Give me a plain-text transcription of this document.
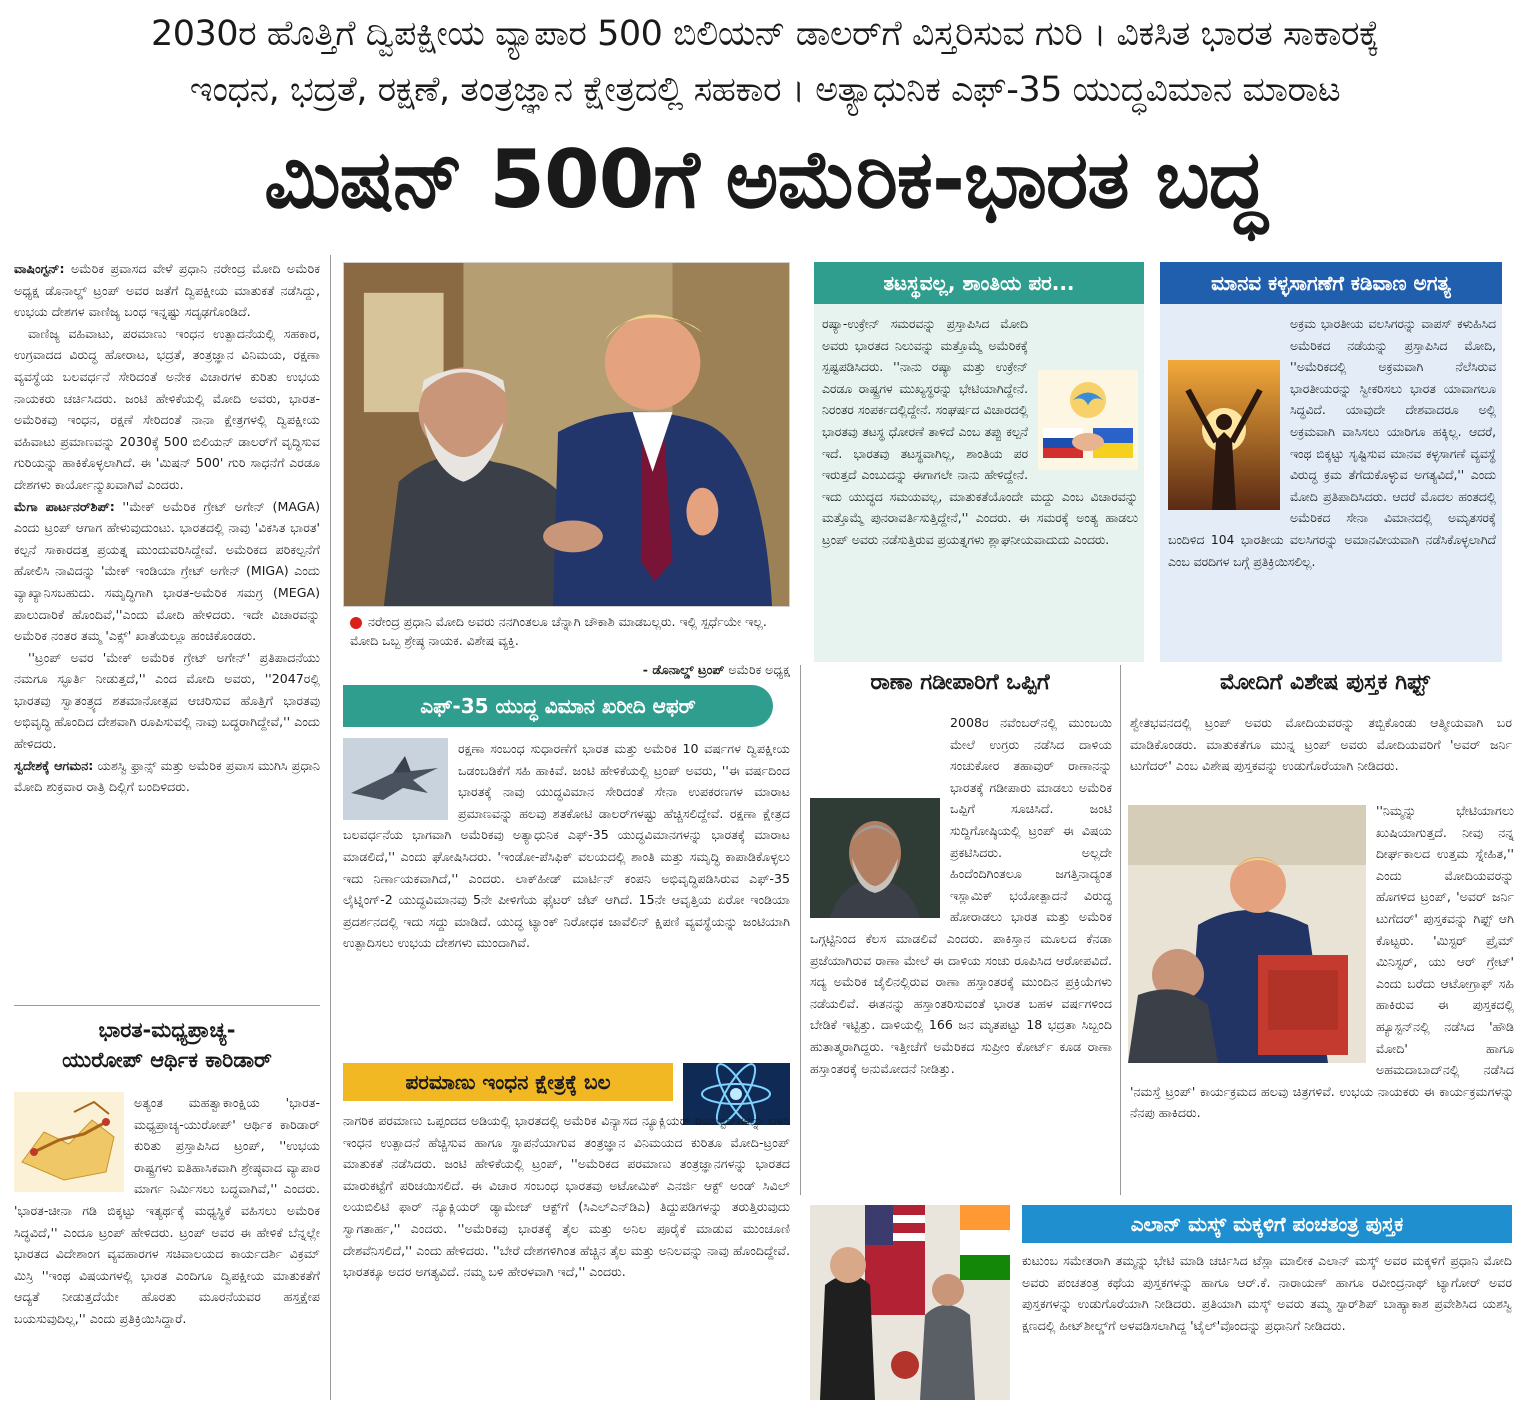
2030ರ ಹೊತ್ತಿಗೆ ದ್ವಿಪಕ್ಷೀಯ ವ್ಯಾಪಾರ 500 ಬಿಲಿಯನ್ ಡಾಲರ್‌ಗೆ ವಿಸ್ತರಿಸುವ ಗುರಿ । ವಿಕಸಿತ ಭಾರತ ಸಾಕಾರಕ್ಕೆ
ಇಂಧನ, ಭದ್ರತೆ, ರಕ್ಷಣೆ, ತಂತ್ರಜ್ಞಾನ ಕ್ಷೇತ್ರದಲ್ಲಿ ಸಹಕಾರ । ಅತ್ಯಾಧುನಿಕ ಎಫ್-35 ಯುದ್ಧವಿಮಾನ ಮಾರಾಟ
ಮಿಷನ್ 500ಗೆ ಅಮೆರಿಕ-ಭಾರತ ಬದ್ಧ

ವಾಷಿಂಗ್ಟನ್: ಅಮೆರಿಕ ಪ್ರವಾಸದ ವೇಳೆ ಪ್ರಧಾನಿ ನರೇಂದ್ರ ಮೋದಿ ಅಮೆರಿಕ ಅಧ್ಯಕ್ಷ ಡೊನಾಲ್ಡ್ ಟ್ರಂಪ್ ಅವರ ಜತೆಗೆ ದ್ವಿಪಕ್ಷೀಯ ಮಾತುಕತೆ ನಡೆಸಿದ್ದು, ಉಭಯ ದೇಶಗಳ ವಾಣಿಜ್ಯ ಬಂಧ ಇನ್ನಷ್ಟು ಸದೃಢಗೊಂಡಿದೆ.

ವಾಣಿಜ್ಯ ವಹಿವಾಟು, ಪರಮಾಣು ಇಂಧನ ಉತ್ಪಾದನೆಯಲ್ಲಿ ಸಹಕಾರ, ಉಗ್ರವಾದದ ವಿರುದ್ಧ ಹೋರಾಟ, ಭದ್ರತೆ, ತಂತ್ರಜ್ಞಾನ ವಿನಿಮಯ, ರಕ್ಷಣಾ ವ್ಯವಸ್ಥೆಯ ಬಲವರ್ಧನೆ ಸೇರಿದಂತೆ ಅನೇಕ ವಿಚಾರಗಳ ಕುರಿತು ಉಭಯ ನಾಯಕರು ಚರ್ಚಿಸಿದರು. ಜಂಟಿ ಹೇಳಿಕೆಯಲ್ಲಿ ಮೋದಿ ಅವರು, ಭಾರತ-ಅಮೆರಿಕವು ಇಂಧನ, ರಕ್ಷಣೆ ಸೇರಿದಂತೆ ನಾನಾ ಕ್ಷೇತ್ರಗಳಲ್ಲಿ ದ್ವಿಪಕ್ಷೀಯ ವಹಿವಾಟು ಪ್ರಮಾಣವನ್ನು 2030ಕ್ಕೆ 500 ಬಿಲಿಯನ್ ಡಾಲರ್‌ಗೆ ವೃದ್ಧಿಸುವ ಗುರಿಯನ್ನು ಹಾಕಿಕೊಳ್ಳಲಾಗಿದೆ. ಈ 'ಮಿಷನ್ 500' ಗುರಿ ಸಾಧನೆಗೆ ಎರಡೂ ದೇಶಗಳು ಕಾರ್ಯೋನ್ಮುಖವಾಗಿವೆ ಎಂದರು.

ಮೆಗಾ ಪಾರ್ಟನರ್‌ಶಿಪ್: ''ಮೇಕ್ ಅಮೆರಿಕ ಗ್ರೇಟ್ ಅಗೇನ್ (MAGA) ಎಂದು ಟ್ರಂಪ್ ಆಗಾಗ ಹೇಳುವುದುಂಟು. ಭಾರತದಲ್ಲಿ ನಾವು 'ವಿಕಸಿತ ಭಾರತ' ಕಲ್ಪನೆ ಸಾಕಾರದತ್ತ ಪ್ರಯತ್ನ ಮುಂದುವರಿಸಿದ್ದೇವೆ. ಅಮೆರಿಕದ ಪರಿಕಲ್ಪನೆಗೆ ಹೋಲಿಸಿ ನಾವಿದನ್ನು 'ಮೇಕ್ ಇಂಡಿಯಾ ಗ್ರೇಟ್ ಅಗೇನ್ (MIGA) ಎಂದು ವ್ಯಾಖ್ಯಾನಿಸಬಹುದು. ಸಮೃದ್ಧಿಗಾಗಿ ಭಾರತ-ಅಮೆರಿಕ ಸಮಗ್ರ (MEGA) ಪಾಲುದಾರಿಕೆ ಹೊಂದಿವೆ,''ಎಂದು ಮೋದಿ ಹೇಳಿದರು. ಇದೇ ವಿಚಾರವನ್ನು ಅಮೆರಿಕ ನಂತರ ತಮ್ಮ 'ಎಕ್ಸ್' ಖಾತೆಯಲ್ಲೂ ಹಂಚಿಕೊಂಡರು.

''ಟ್ರಂಪ್ ಅವರ 'ಮೇಕ್ ಅಮೆರಿಕ ಗ್ರೇಟ್ ಅಗೇನ್' ಪ್ರತಿಪಾದನೆಯು ನಮಗೂ ಸ್ಫೂರ್ತಿ ನೀಡುತ್ತದೆ,'' ಎಂದ ಮೋದಿ ಅವರು, ''2047ರಲ್ಲಿ ಭಾರತವು ಸ್ವಾತಂತ್ರ್ಯದ ಶತಮಾನೋತ್ಸವ ಆಚರಿಸುವ ಹೊತ್ತಿಗೆ ಭಾರತವು ಅಭಿವೃದ್ಧಿ ಹೊಂದಿದ ದೇಶವಾಗಿ ರೂಪಿಸುವಲ್ಲಿ ನಾವು ಬದ್ಧರಾಗಿದ್ದೇವೆ,'' ಎಂದು ಹೇಳಿದರು.

ಸ್ವದೇಶಕ್ಕೆ ಆಗಮನ: ಯಶಸ್ವಿ ಫ್ರಾನ್ಸ್ ಮತ್ತು ಅಮೆರಿಕ ಪ್ರವಾಸ ಮುಗಿಸಿ ಪ್ರಧಾನಿ ಮೋದಿ ಶುಕ್ರವಾರ ರಾತ್ರಿ ದಿಲ್ಲಿಗೆ ಬಂದಿಳಿದರು.

ಭಾರತ-ಮಧ್ಯಪ್ರಾಚ್ಯ-
ಯುರೋಪ್ ಆರ್ಥಿಕ ಕಾರಿಡಾರ್

ಅತ್ಯಂತ ಮಹತ್ವಾಕಾಂಕ್ಷಿಯ 'ಭಾರತ-ಮಧ್ಯಪ್ರಾಚ್ಯ-ಯುರೋಪ್' ಆರ್ಥಿಕ ಕಾರಿಡಾರ್ ಕುರಿತು ಪ್ರಸ್ತಾಪಿಸಿದ ಟ್ರಂಪ್, ''ಉಭಯ ರಾಷ್ಟ್ರಗಳು ಐತಿಹಾಸಿಕವಾಗಿ ಶ್ರೇಷ್ಠವಾದ ವ್ಯಾಪಾರ ಮಾರ್ಗ ನಿರ್ಮಿಸಲು ಬದ್ಧವಾಗಿವೆ,'' ಎಂದರು. 'ಭಾರತ-ಚೀನಾ ಗಡಿ ಬಿಕ್ಕಟ್ಟು ಇತ್ಯರ್ಥಕ್ಕೆ ಮಧ್ಯಸ್ಥಿಕೆ ವಹಿಸಲು ಅಮೆರಿಕ ಸಿದ್ಧವಿದೆ,'' ಎಂದೂ ಟ್ರಂಪ್ ಹೇಳಿದರು. ಟ್ರಂಪ್ ಅವರ ಈ ಹೇಳಿಕೆ ಬೆನ್ನಲ್ಲೇ ಭಾರತದ ವಿದೇಶಾಂಗ ವ್ಯವಹಾರಗಳ ಸಚಿವಾಲಯದ ಕಾರ್ಯದರ್ಶಿ ವಿಕ್ರಮ್ ಮಿಸ್ರಿ ''ಇಂಥ ವಿಷಯಗಳಲ್ಲಿ ಭಾರತ ಎಂದಿಗೂ ದ್ವಿಪಕ್ಷೀಯ ಮಾತುಕತೆಗೆ ಆದ್ಯತೆ ನೀಡುತ್ತದೆಯೇ ಹೊರತು ಮೂರನೆಯವರ ಹಸ್ತಕ್ಷೇಪ ಬಯಸುವುದಿಲ್ಲ,'' ಎಂದು ಪ್ರತಿಕ್ರಿಯಿಸಿದ್ದಾರೆ.

ನರೇಂದ್ರ ಪ್ರಧಾನಿ ಮೋದಿ ಅವರು ನನಗಿಂತಲೂ ಚೆನ್ನಾಗಿ ಚೌಕಾಶಿ ಮಾಡಬಲ್ಲರು. ಇಲ್ಲಿ ಸ್ಪರ್ಧೆಯೇ ಇಲ್ಲ. ಮೋದಿ ಒಬ್ಬ ಶ್ರೇಷ್ಠ ನಾಯಕ. ವಿಶೇಷ ವ್ಯಕ್ತಿ.
- ಡೊನಾಲ್ಡ್ ಟ್ರಂಪ್ ಅಮೆರಿಕ ಅಧ್ಯಕ್ಷ
ಎಫ್-35 ಯುದ್ಧ ವಿಮಾನ ಖರೀದಿ ಆಫರ್

ರಕ್ಷಣಾ ಸಂಬಂಧ ಸುಧಾರಣೆಗೆ ಭಾರತ ಮತ್ತು ಅಮೆರಿಕ 10 ವರ್ಷಗಳ ದ್ವಿಪಕ್ಷೀಯ ಒಡಂಬಡಿಕೆಗೆ ಸಹಿ ಹಾಕಿವೆ. ಜಂಟಿ ಹೇಳಿಕೆಯಲ್ಲಿ ಟ್ರಂಪ್ ಅವರು, ''ಈ ವರ್ಷದಿಂದ ಭಾರತಕ್ಕೆ ನಾವು ಯುದ್ಧವಿಮಾನ ಸೇರಿದಂತೆ ಸೇನಾ ಉಪಕರಣಗಳ ಮಾರಾಟ ಪ್ರಮಾಣವನ್ನು ಹಲವು ಶತಕೋಟಿ ಡಾಲರ್‌ಗಳಷ್ಟು ಹೆಚ್ಚಿಸಲಿದ್ದೇವೆ. ರಕ್ಷಣಾ ಕ್ಷೇತ್ರದ ಬಲವರ್ಧನೆಯ ಭಾಗವಾಗಿ ಅಮೆರಿಕವು ಅತ್ಯಾಧುನಿಕ ಎಫ್-35 ಯುದ್ಧವಿಮಾನಗಳನ್ನು ಭಾರತಕ್ಕೆ ಮಾರಾಟ ಮಾಡಲಿದೆ,'' ಎಂದು ಘೋಷಿಸಿದರು. 'ಇಂಡೋ-ಪೆಸಿಫಿಕ್ ವಲಯದಲ್ಲಿ ಶಾಂತಿ ಮತ್ತು ಸಮೃದ್ಧಿ ಕಾಪಾಡಿಕೊಳ್ಳಲು ಇದು ನಿರ್ಣಾಯಕವಾಗಿದೆ,'' ಎಂದರು. ಲಾಕ್‌ಹೀಡ್ ಮಾರ್ಟಿನ್ ಕಂಪನಿ ಅಭಿವೃದ್ಧಿಪಡಿಸಿರುವ ಎಫ್-35 ಲೈಟ್ನಿಂಗ್-2 ಯುದ್ಧವಿಮಾನವು 5ನೇ ಪೀಳಿಗೆಯ ಫೈಟರ್ ಜೆಟ್ ಆಗಿದೆ. 15ನೇ ಆವೃತ್ತಿಯ ಏರೋ ಇಂಡಿಯಾ ಪ್ರದರ್ಶನದಲ್ಲಿ ಇದು ಸದ್ದು ಮಾಡಿದೆ. ಯುದ್ಧ ಟ್ಯಾಂಕ್ ನಿರೋಧಕ ಜಾವೆಲಿನ್ ಕ್ಷಿಪಣಿ ವ್ಯವಸ್ಥೆಯನ್ನು ಜಂಟಿಯಾಗಿ ಉತ್ಪಾದಿಸಲು ಉಭಯ ದೇಶಗಳು ಮುಂದಾಗಿವೆ.

ಪರಮಾಣು ಇಂಧನ ಕ್ಷೇತ್ರಕ್ಕೆ ಬಲ

ನಾಗರಿಕ ಪರಮಾಣು ಒಪ್ಪಂದದ ಅಡಿಯಲ್ಲಿ ಭಾರತದಲ್ಲಿ ಅಮೆರಿಕ ವಿನ್ಯಾಸದ ನ್ಯೂಕ್ಲಿಯರ್ ರಿಯಾಕ್ಟರ್‌ಗಳನ್ನು ಬಳಸಿ ಇಂಧನ ಉತ್ಪಾದನೆ ಹೆಚ್ಚಿಸುವ ಹಾಗೂ ಸ್ಥಾಪನೆಯಾಗುವ ತಂತ್ರಜ್ಞಾನ ವಿನಿಮಯದ ಕುರಿತೂ ಮೋದಿ-ಟ್ರಂಪ್ ಮಾತುಕತೆ ನಡೆಸಿದರು. ಜಂಟಿ ಹೇಳಿಕೆಯಲ್ಲಿ ಟ್ರಂಪ್, ''ಅಮೆರಿಕದ ಪರಮಾಣು ತಂತ್ರಜ್ಞಾನಗಳನ್ನು ಭಾರತದ ಮಾರುಕಟ್ಟೆಗೆ ಪರಿಚಯಿಸಲಿದೆ. ಈ ವಿಚಾರ ಸಂಬಂಧ ಭಾರತವು ಅಟೋಮಿಕ್ ಎನರ್ಜಿ ಆಕ್ಟ್ ಅಂಡ್ ಸಿವಿಲ್ ಲಯಬಿಲಿಟಿ ಫಾರ್ ನ್ಯೂಕ್ಲಿಯರ್ ಡ್ಯಾಮೇಜ್ ಆಕ್ಟ್‌ಗೆ (ಸಿಎಲ್‌ಎನ್‌ಡಿಎ) ತಿದ್ದುಪಡಿಗಳನ್ನು ತರುತ್ತಿರುವುದು ಸ್ವಾಗತಾರ್ಹ,'' ಎಂದರು. ''ಅಮೆರಿಕವು ಭಾರತಕ್ಕೆ ತೈಲ ಮತ್ತು ಅನಿಲ ಪೂರೈಕೆ ಮಾಡುವ ಮುಂಚೂಣಿ ದೇಶವೆನಿಸಲಿದೆ,'' ಎಂದು ಹೇಳಿದರು. ''ಬೇರೆ ದೇಶಗಳಿಗಿಂತ ಹೆಚ್ಚಿನ ತೈಲ ಮತ್ತು ಅನಿಲವನ್ನು ನಾವು ಹೊಂದಿದ್ದೇವೆ. ಭಾರತಕ್ಕೂ ಅದರ ಅಗತ್ಯವಿದೆ. ನಮ್ಮ ಬಳಿ ಹೇರಳವಾಗಿ ಇದೆ,'' ಎಂದರು.

ತಟಸ್ಥವಲ್ಲ, ಶಾಂತಿಯ ಪರ...

ರಷ್ಯಾ-ಉಕ್ರೇನ್ ಸಮರವನ್ನು ಪ್ರಸ್ತಾಪಿಸಿದ ಮೋದಿ ಅವರು ಭಾರತದ ನಿಲುವನ್ನು ಮತ್ತೊಮ್ಮೆ ಅಮೆರಿಕಕ್ಕೆ ಸ್ಪಷ್ಟಪಡಿಸಿದರು. ''ನಾನು ರಷ್ಯಾ ಮತ್ತು ಉಕ್ರೇನ್ ಎರಡೂ ರಾಷ್ಟ್ರಗಳ ಮುಖ್ಯಸ್ಥರನ್ನು ಭೇಟಿಯಾಗಿದ್ದೇನೆ. ನಿರಂತರ ಸಂಪರ್ಕದಲ್ಲಿದ್ದೇನೆ. ಸಂಘರ್ಷದ ವಿಚಾರದಲ್ಲಿ ಭಾರತವು ತಟಸ್ಥ ಧೋರಣೆ ತಾಳಿದೆ ಎಂಬ ತಪ್ಪು ಕಲ್ಪನೆ ಇದೆ. ಭಾರತವು ತಟಸ್ಥವಾಗಿಲ್ಲ, ಶಾಂತಿಯ ಪರ ಇರುತ್ತದೆ ಎಂಬುದನ್ನು ಈಗಾಗಲೇ ನಾನು ಹೇಳಿದ್ದೇನೆ. ಇದು ಯುದ್ಧದ ಸಮಯವಲ್ಲ, ಮಾತುಕತೆಯೊಂದೇ ಮದ್ದು ಎಂಬ ವಿಚಾರವನ್ನು ಮತ್ತೊಮ್ಮೆ ಪುನರಾವರ್ತಿಸುತ್ತಿದ್ದೇನೆ,'' ಎಂದರು. ಈ ಸಮರಕ್ಕೆ ಅಂತ್ಯ ಹಾಡಲು ಟ್ರಂಪ್ ಅವರು ನಡೆಸುತ್ತಿರುವ ಪ್ರಯತ್ನಗಳು ಶ್ಲಾಘನೀಯವಾದುದು ಎಂದರು.

ಮಾನವ ಕಳ್ಳಸಾಗಣೆಗೆ ಕಡಿವಾಣ ಅಗತ್ಯ

ಅಕ್ರಮ ಭಾರತೀಯ ವಲಸಿಗರನ್ನು ವಾಪಸ್ ಕಳುಹಿಸಿದ ಅಮೆರಿಕದ ನಡೆಯನ್ನು ಪ್ರಸ್ತಾಪಿಸಿದ ಮೋದಿ, ''ಅಮೆರಿಕದಲ್ಲಿ ಅಕ್ರಮವಾಗಿ ನೆಲೆಸಿರುವ ಭಾರತೀಯರನ್ನು ಸ್ವೀಕರಿಸಲು ಭಾರತ ಯಾವಾಗಲೂ ಸಿದ್ಧವಿದೆ. ಯಾವುದೇ ದೇಶವಾದರೂ ಅಲ್ಲಿ ಅಕ್ರಮವಾಗಿ ವಾಸಿಸಲು ಯಾರಿಗೂ ಹಕ್ಕಿಲ್ಲ. ಆದರೆ, ಇಂಥ ಬಿಕ್ಕಟ್ಟು ಸೃಷ್ಟಿಸುವ ಮಾನವ ಕಳ್ಳಸಾಗಣೆ ವ್ಯವಸ್ಥೆ ವಿರುದ್ಧ ಕ್ರಮ ತೆಗೆದುಕೊಳ್ಳುವ ಅಗತ್ಯವಿದೆ,'' ಎಂದು ಮೋದಿ ಪ್ರತಿಪಾದಿಸಿದರು. ಆದರೆ ಮೊದಲ ಹಂತದಲ್ಲಿ ಅಮೆರಿಕದ ಸೇನಾ ವಿಮಾನದಲ್ಲಿ ಅಮೃತಸರಕ್ಕೆ ಬಂದಿಳಿದ 104 ಭಾರತೀಯ ವಲಸಿಗರನ್ನು ಅಮಾನವೀಯವಾಗಿ ನಡೆಸಿಕೊಳ್ಳಲಾಗಿದೆ ಎಂಬ ವರದಿಗಳ ಬಗ್ಗೆ ಪ್ರತಿಕ್ರಿಯಿಸಲಿಲ್ಲ.

ರಾಣಾ ಗಡೀಪಾರಿಗೆ ಒಪ್ಪಿಗೆ

2008ರ ನವೆಂಬರ್‌ನಲ್ಲಿ ಮುಂಬಯಿ ಮೇಲೆ ಉಗ್ರರು ನಡೆಸಿದ ದಾಳಿಯ ಸಂಚುಕೋರ ತಹಾವುರ್ ರಾಣಾನನ್ನು ಭಾರತಕ್ಕೆ ಗಡೀಪಾರು ಮಾಡಲು ಅಮೆರಿಕ ಒಪ್ಪಿಗೆ ಸೂಚಿಸಿದೆ. ಜಂಟಿ ಸುದ್ದಿಗೋಷ್ಠಿಯಲ್ಲಿ ಟ್ರಂಪ್ ಈ ವಿಷಯ ಪ್ರಕಟಿಸಿದರು. ಅಲ್ಲದೇ ಹಿಂದೆಂದಿಗಿಂತಲೂ ಜಗತ್ತಿನಾದ್ಯಂತ ಇಸ್ಲಾಮಿಕ್ ಭಯೋತ್ಪಾದನೆ ವಿರುದ್ಧ ಹೋರಾಡಲು ಭಾರತ ಮತ್ತು ಅಮೆರಿಕ ಒಗ್ಗಟ್ಟಿನಿಂದ ಕೆಲಸ ಮಾಡಲಿವೆ ಎಂದರು. ಪಾಕಿಸ್ತಾನ ಮೂಲದ ಕೆನಡಾ ಪ್ರಜೆಯಾಗಿರುವ ರಾಣಾ ಮೇಲೆ ಈ ದಾಳಿಯ ಸಂಚು ರೂಪಿಸಿದ ಆರೋಪವಿದೆ. ಸದ್ಯ ಅಮೆರಿಕ ಜೈಲಿನಲ್ಲಿರುವ ರಾಣಾ ಹಸ್ತಾಂತರಕ್ಕೆ ಮುಂದಿನ ಪ್ರಕ್ರಿಯೆಗಳು ನಡೆಯಲಿವೆ. ಈತನನ್ನು ಹಸ್ತಾಂತರಿಸುವಂತೆ ಭಾರತ ಬಹಳ ವರ್ಷಗಳಿಂದ ಬೇಡಿಕೆ ಇಟ್ಟಿತ್ತು. ದಾಳಿಯಲ್ಲಿ 166 ಜನ ಮೃತಪಟ್ಟು 18 ಭದ್ರತಾ ಸಿಬ್ಬಂದಿ ಹುತಾತ್ಮರಾಗಿದ್ದರು. ಇತ್ತೀಚೆಗೆ ಅಮೆರಿಕದ ಸುಪ್ರೀಂ ಕೋರ್ಟ್ ಕೂಡ ರಾಣಾ ಹಸ್ತಾಂತರಕ್ಕೆ ಅನುಮೋದನೆ ನೀಡಿತ್ತು.

ಮೋದಿಗೆ ವಿಶೇಷ ಪುಸ್ತಕ ಗಿಫ್ಟ್

ಶ್ವೇತಭವನದಲ್ಲಿ ಟ್ರಂಪ್ ಅವರು ಮೋದಿಯವರನ್ನು ತಬ್ಬಿಕೊಂಡು ಆತ್ಮೀಯವಾಗಿ ಬರ ಮಾಡಿಕೊಂಡರು. ಮಾತುಕತೆಗೂ ಮುನ್ನ ಟ್ರಂಪ್ ಅವರು ಮೋದಿಯವರಿಗೆ 'ಅವರ್ ಜರ್ನಿ ಟುಗೆದರ್' ಎಂಬ ವಿಶೇಷ ಪುಸ್ತಕವನ್ನು ಉಡುಗೊರೆಯಾಗಿ ನೀಡಿದರು.

''ನಿಮ್ಮನ್ನು ಭೇಟಿಯಾಗಲು ಖುಷಿಯಾಗುತ್ತದೆ. ನೀವು ನನ್ನ ದೀರ್ಘಕಾಲದ ಉತ್ತಮ ಸ್ನೇಹಿತ,'' ಎಂದು ಮೋದಿಯವರನ್ನು ಹೊಗಳಿದ ಟ್ರಂಪ್, 'ಅವರ್ ಜರ್ನಿ ಟುಗೆದರ್' ಪುಸ್ತಕವನ್ನು ಗಿಫ್ಟ್ ಆಗಿ ಕೊಟ್ಟರು. 'ಮಿಸ್ಟರ್ ಪ್ರೈಮ್ ಮಿನಿಸ್ಟರ್, ಯು ಆರ್ ಗ್ರೇಟ್' ಎಂದು ಬರೆದು ಆಟೋಗ್ರಾಫ್ ಸಹಿ ಹಾಕಿರುವ ಈ ಪುಸ್ತಕದಲ್ಲಿ ಹ್ಯೂಸ್ಟನ್‌ನಲ್ಲಿ ನಡೆಸಿದ 'ಹೌಡಿ ಮೋದಿ' ಹಾಗೂ ಅಹಮದಾಬಾದ್‌ನಲ್ಲಿ ನಡೆಸಿದ 'ನಮಸ್ತೆ ಟ್ರಂಪ್' ಕಾರ್ಯಕ್ರಮದ ಹಲವು ಚಿತ್ರಗಳಿವೆ. ಉಭಯ ನಾಯಕರು ಈ ಕಾರ್ಯಕ್ರಮಗಳನ್ನು ನೆನಪು ಹಾಕಿದರು.

ಎಲಾನ್ ಮಸ್ಕ್ ಮಕ್ಕಳಿಗೆ ಪಂಚತಂತ್ರ ಪುಸ್ತಕ

ಕುಟುಂಬ ಸಮೇತರಾಗಿ ತಮ್ಮನ್ನು ಭೇಟಿ ಮಾಡಿ ಚರ್ಚಿಸಿದ ಟೆಸ್ಲಾ ಮಾಲೀಕ ಎಲಾನ್ ಮಸ್ಕ್ ಅವರ ಮಕ್ಕಳಿಗೆ ಪ್ರಧಾನಿ ಮೋದಿ ಅವರು ಪಂಚತಂತ್ರ ಕಥೆಯ ಪುಸ್ತಕಗಳನ್ನು ಹಾಗೂ ಆರ್.ಕೆ. ನಾರಾಯಣ್ ಹಾಗೂ ರವೀಂದ್ರನಾಥ್ ಟ್ಯಾಗೋರ್ ಅವರ ಪುಸ್ತಕಗಳನ್ನು ಉಡುಗೊರೆಯಾಗಿ ನೀಡಿದರು. ಪ್ರತಿಯಾಗಿ ಮಸ್ಕ್ ಅವರು ತಮ್ಮ ಸ್ಟಾರ್‌ಶಿಪ್ ಬಾಹ್ಯಾಕಾಶ ಪ್ರವೇಶಿಸಿದ ಯಶಸ್ವಿ ಕ್ಷಣದಲ್ಲಿ ಹೀಟ್‌ಶೀಲ್ಡ್‌ಗೆ ಅಳವಡಿಸಲಾಗಿದ್ದ 'ಟೈಲ್'ವೊಂದನ್ನು ಪ್ರಧಾನಿಗೆ ನೀಡಿದರು.
